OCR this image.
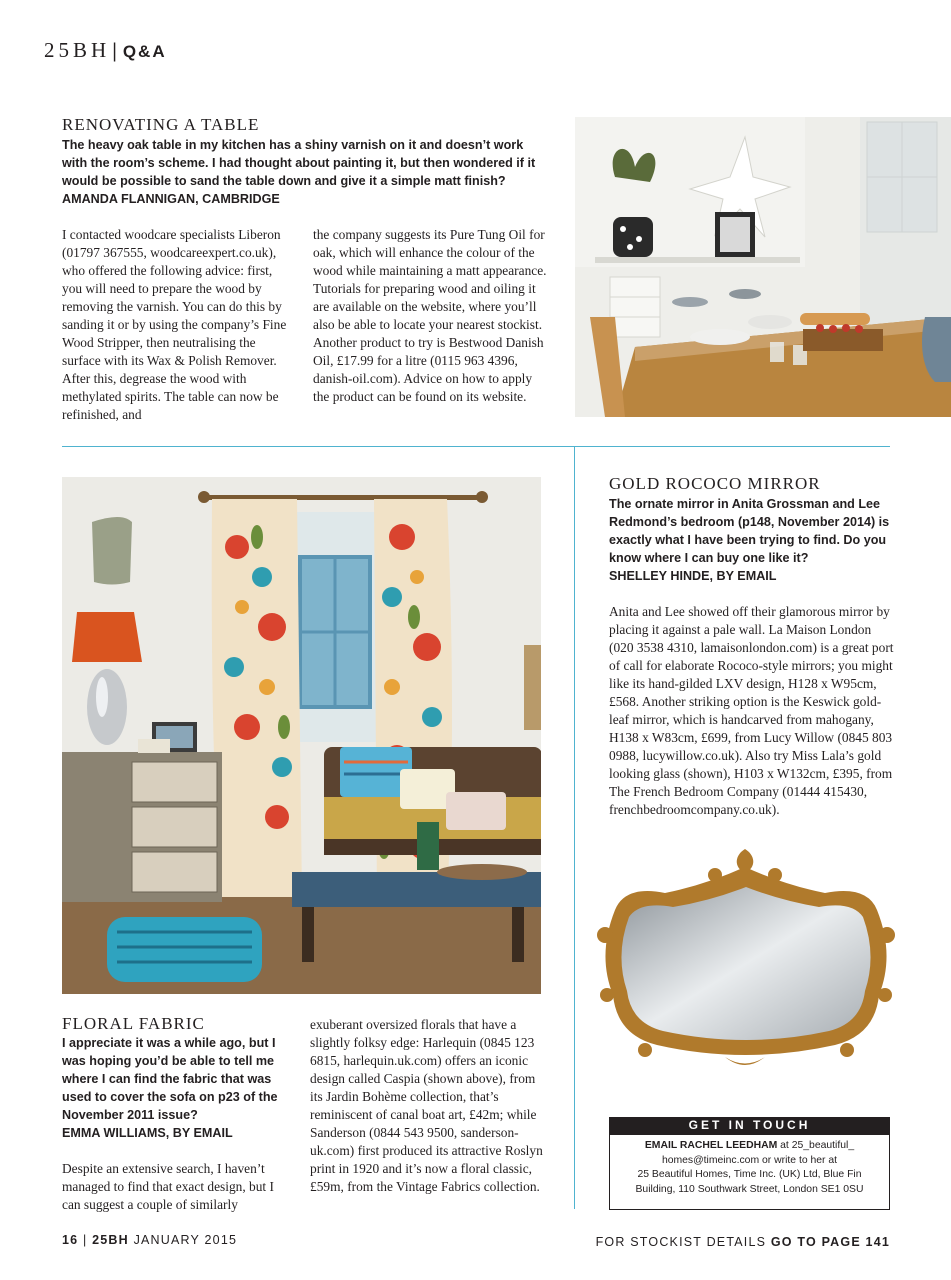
25BH| Q&A
RENOVATING A TABLE
The heavy oak table in my kitchen has a shiny varnish on it and doesn’t work with the room’s scheme. I had thought about painting it, but then wondered if it would be possible to sand the table down and give it a simple matt finish?
AMANDA FLANNIGAN, CAMBRIDGE
I contacted woodcare specialists Liberon (01797 367555, woodcareexpert.co.uk), who offered the following advice: first, you will need to prepare the wood by removing the varnish. You can do this by sanding it or by using the company’s Fine Wood Stripper, then neutralising the surface with its Wax & Polish Remover. After this, degrease the wood with methylated spirits. The table can now be refinished, and
the company suggests its Pure Tung Oil for oak, which will enhance the colour of the wood while maintaining a matt appearance. Tutorials for preparing wood and oiling it are available on the website, where you’ll also be able to locate your nearest stockist. Another product to try is Bestwood Danish Oil, £17.99 for a litre (0115 963 4396, danish-oil.com). Advice on how to apply the product can be found on its website.
GOLD ROCOCO MIRROR
The ornate mirror in Anita Grossman and Lee Redmond’s bedroom (p148, November 2014) is exactly what I have been trying to find. Do you know where I can buy one like it?
SHELLEY HINDE, BY EMAIL
Anita and Lee showed off their glamorous mirror by placing it against a pale wall. La Maison London (020 3538 4310, lamaisonlondon.com) is a great port of call for elaborate Rococo-style mirrors; you might like its hand-gilded LXV design, H128 x W95cm, £568. Another striking option is the Keswick gold-leaf mirror, which is handcarved from mahogany, H138 x W83cm, £699, from Lucy Willow (0845 803 0988, lucywillow.co.uk). Also try Miss Lala’s gold looking glass (shown), H103 x W132cm, £395, from The French Bedroom Company (01444 415430, frenchbedroomcompany.co.uk).
GET IN TOUCH
EMAIL RACHEL LEEDHAM at 25_beautiful_
homes@timeinc.com or write to her at
25 Beautiful Homes, Time Inc. (UK) Ltd, Blue Fin
Building, 110 Southwark Street, London SE1 0SU
FLORAL FABRIC
I appreciate it was a while ago, but I was hoping you’d be able to tell me where I can find the fabric that was used to cover the sofa on p23 of the November 2011 issue?
EMMA WILLIAMS, BY EMAIL
Despite an extensive search, I haven’t managed to find that exact design, but I can suggest a couple of similarly
exuberant oversized florals that have a slightly folksy edge: Harlequin (0845 123 6815, harlequin.uk.com) offers an iconic design called Caspia (shown above), from its Jardin Bohème collection, that’s reminiscent of canal boat art, £42m; while Sanderson (0844 543 9500, sanderson-uk.com) first produced its attractive Roslyn print in 1920 and it’s now a floral classic, £59m, from the Vintage Fabrics collection.
16 | 25BH JANUARY 2015	FOR STOCKIST DETAILS GO TO PAGE 141
